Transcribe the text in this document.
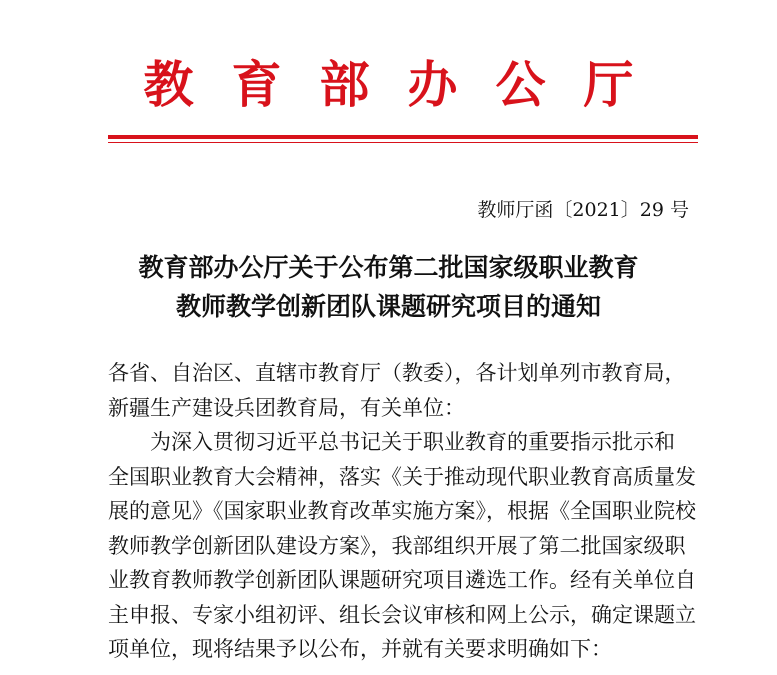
教育部办公厅
教师厅函〔2021〕29 号
教育部办公厅关于公布第二批国家级职业教育
教师教学创新团队课题研究项目的通知
各省、自治区、直辖市教育厅（教委），各计划单列市教育局，
新疆生产建设兵团教育局，有关单位：
为深入贯彻习近平总书记关于职业教育的重要指示批示和
全国职业教育大会精神，落实《关于推动现代职业教育高质量发
展的意见》《国家职业教育改革实施方案》，根据《全国职业院校
教师教学创新团队建设方案》，我部组织开展了第二批国家级职
业教育教师教学创新团队课题研究项目遴选工作。经有关单位自
主申报、专家小组初评、组长会议审核和网上公示，确定课题立
项单位，现将结果予以公布，并就有关要求明确如下：
